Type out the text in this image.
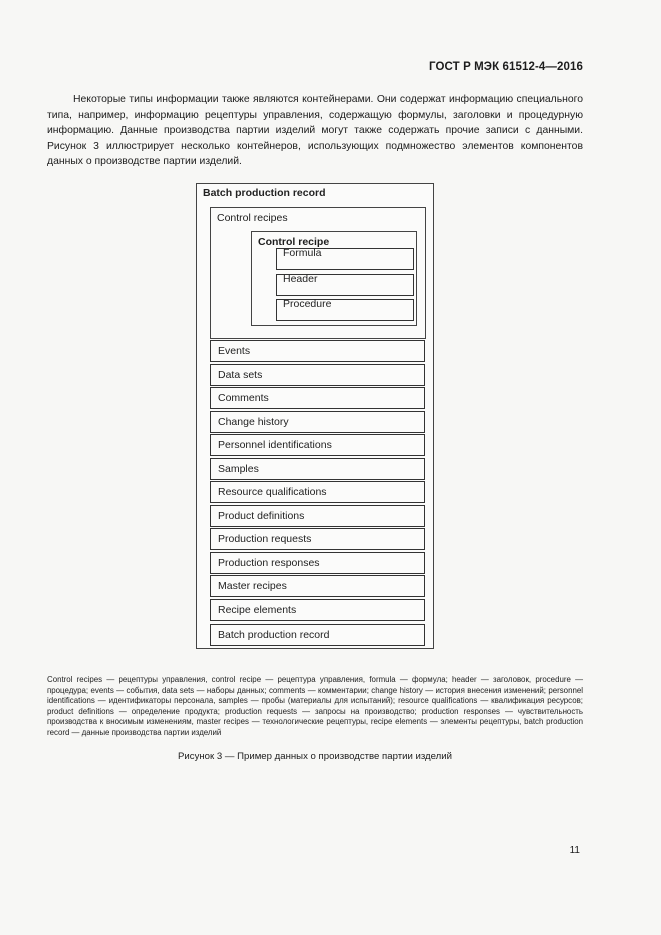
ГОСТ Р МЭК 61512-4—2016
Некоторые типы информации также являются контейнерами. Они содержат информацию специального типа, например, информацию рецептуры управления, содержащую формулы, заголовки и процедурную информацию. Данные производства партии изделий могут также содержать прочие записи с данными. Рисунок 3 иллюстрирует несколько контейнеров, использующих подмножество элементов компонентов данных о производстве партии изделий.
Batch production record
Control recipes
Control recipe
Formula
Header
Procedure
Events
Data sets
Comments
Change history
Personnel identifications
Samples
Resource qualifications
Product definitions
Production requests
Production responses
Master recipes
Recipe elements
Batch production record
Control recipes — рецептуры управления, control recipe — рецептура управления, formula — формула; header — заголовок, procedure — процедура; events — события, data sets — наборы данных; comments — комментарии; change history — история внесения изменений; personnel identifications — идентификаторы персонала, samples — пробы (материалы для испытаний); resource qualifications — квалификация ресурсов; product definitions — определение продукта; production requests — запросы на производство; production responses — чувствительность производства к вносимым изменениям, master recipes — технологические рецептуры, recipe elements — элементы рецептуры, batch production record — данные производства партии изделий
Рисунок 3 — Пример данных о производстве партии изделий
11
